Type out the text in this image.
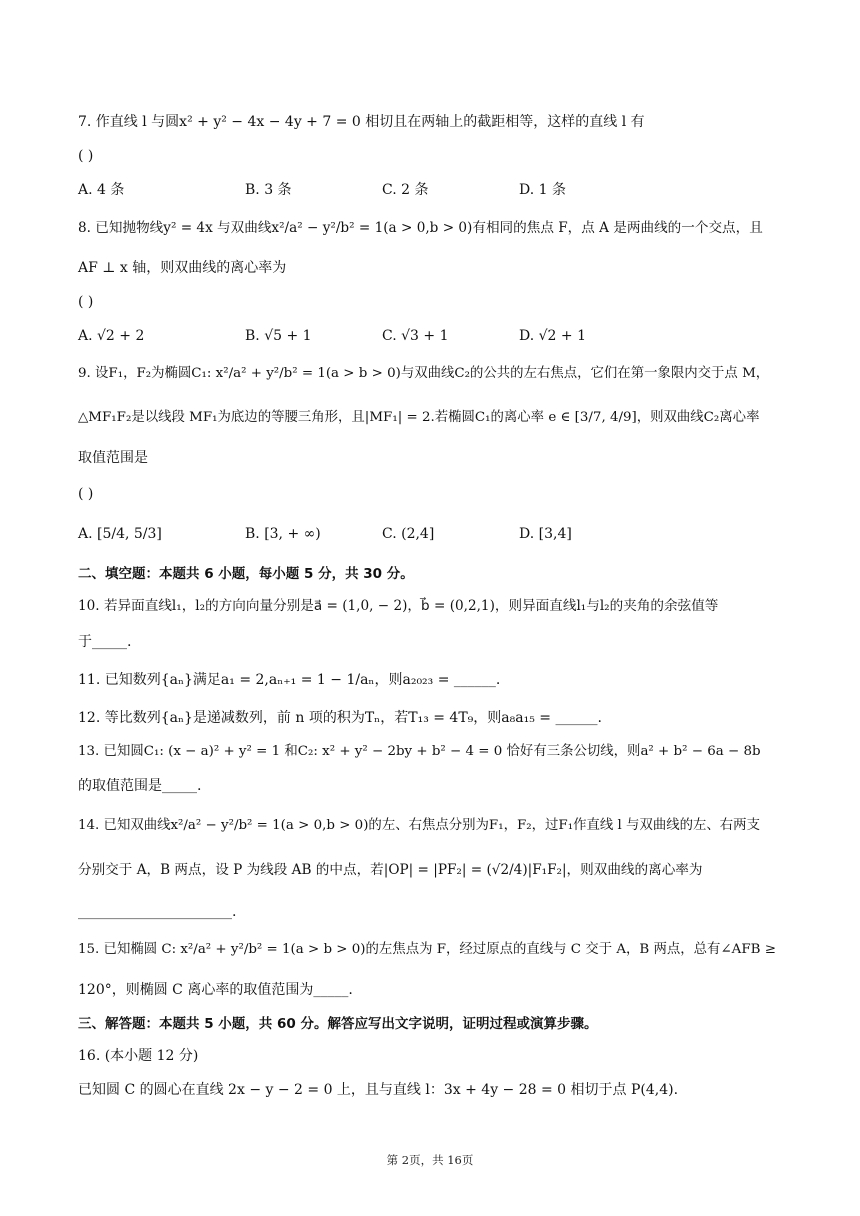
7. 作直线 l 与圆x² + y² − 4x − 4y + 7 = 0 相切且在两轴上的截距相等，这样的直线 l 有
( )
A. 4 条	B. 3 条	C. 2 条	D. 1 条
8. 已知抛物线y² = 4x 与双曲线x²/a² − y²/b² = 1(a > 0,b > 0)有相同的焦点 F，点 A 是两曲线的一个交点，且
AF ⊥ x 轴，则双曲线的离心率为
( )
A. √2 + 2	B. √5 + 1	C. √3 + 1	D. √2 + 1
9. 设F₁，F₂为椭圆C₁: x²/a² + y²/b² = 1(a > b > 0)与双曲线C₂的公共的左右焦点，它们在第一象限内交于点 M，
△MF₁F₂是以线段 MF₁为底边的等腰三角形，且|MF₁| = 2.若椭圆C₁的离心率 e ∈ [3/7, 4/9]，则双曲线C₂离心率
取值范围是
( )
A. [5/4, 5/3]	B. [3, + ∞)	C. (2,4]	D. [3,4]
二、填空题：本题共 6 小题，每小题 5 分，共 30 分。
10. 若异面直线l₁，l₂的方向向量分别是a⃗ = (1,0, − 2)，b⃗ = (0,2,1)，则异面直线l₁与l₂的夹角的余弦值等
于_____.
11. 已知数列{aₙ}满足a₁ = 2,aₙ₊₁ = 1 − 1/aₙ，则a₂₀₂₃ = ______.
12. 等比数列{aₙ}是递减数列，前 n 项的积为Tₙ，若T₁₃ = 4T₉，则a₈a₁₅ = ______.
13. 已知圆C₁: (x − a)² + y² = 1 和C₂: x² + y² − 2by + b² − 4 = 0 恰好有三条公切线，则a² + b² − 6a − 8b
的取值范围是_____.
14. 已知双曲线x²/a² − y²/b² = 1(a > 0,b > 0)的左、右焦点分别为F₁，F₂，过F₁作直线 l 与双曲线的左、右两支
分别交于 A，B 两点，设 P 为线段 AB 的中点，若|OP| = |PF₂| = (√2/4)|F₁F₂|，则双曲线的离心率为
______________________.
15. 已知椭圆 C: x²/a² + y²/b² = 1(a > b > 0)的左焦点为 F，经过原点的直线与 C 交于 A，B 两点，总有∠AFB ≥
120°，则椭圆 C 离心率的取值范围为_____.
三、解答题：本题共 5 小题，共 60 分。解答应写出文字说明，证明过程或演算步骤。
16. (本小题 12 分)
已知圆 C 的圆心在直线 2x − y − 2 = 0 上，且与直线 l：3x + 4y − 28 = 0 相切于点 P(4,4).
第 2页，共 16页
